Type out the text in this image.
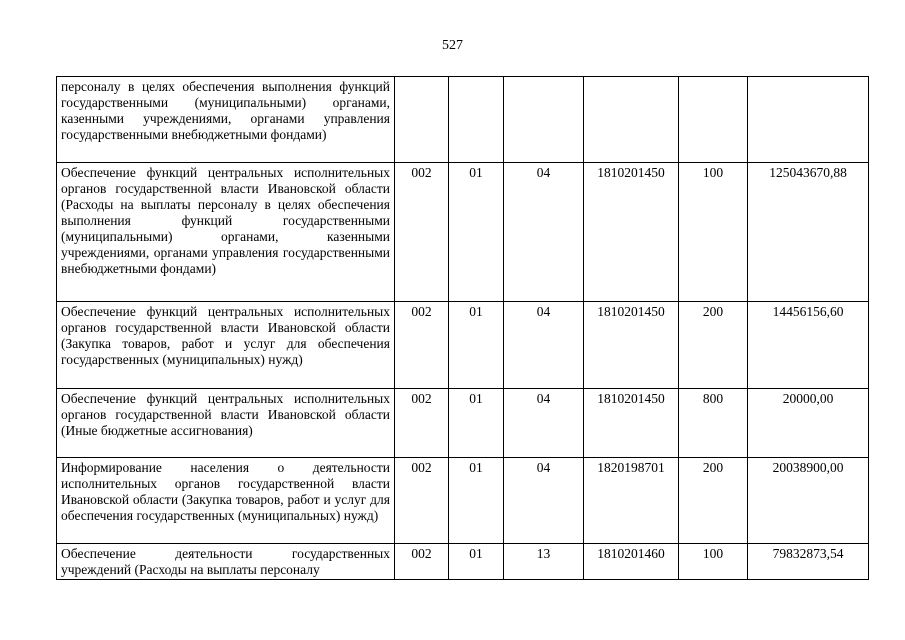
527
персоналу в целях обеспечения выполнения функций государственными (муниципальными) органами, казенными учреждениями, органами управления государственными внебюджетными фондами)						
Обеспечение функций центральных исполнительных органов государственной власти Ивановской области (Расходы на выплаты персоналу в целях обеспечения выполнения функций государственными (муниципальными) органами, казенными учреждениями, органами управления государственными внебюджетными фондами)	002	01	04	1810201450	100	125043670,88
Обеспечение функций центральных исполнительных органов государственной власти Ивановской области (Закупка товаров, работ и услуг для обеспечения государственных (муниципальных) нужд)	002	01	04	1810201450	200	14456156,60
Обеспечение функций центральных исполнительных органов государственной власти Ивановской области (Иные бюджетные ассигнования)	002	01	04	1810201450	800	20000,00
Информирование населения о деятельности исполнительных органов государственной власти Ивановской области (Закупка товаров, работ и услуг для обеспечения государственных (муниципальных) нужд)	002	01	04	1820198701	200	20038900,00
Обеспечение деятельности государственных учреждений (Расходы на выплаты персоналу	002	01	13	1810201460	100	79832873,54
